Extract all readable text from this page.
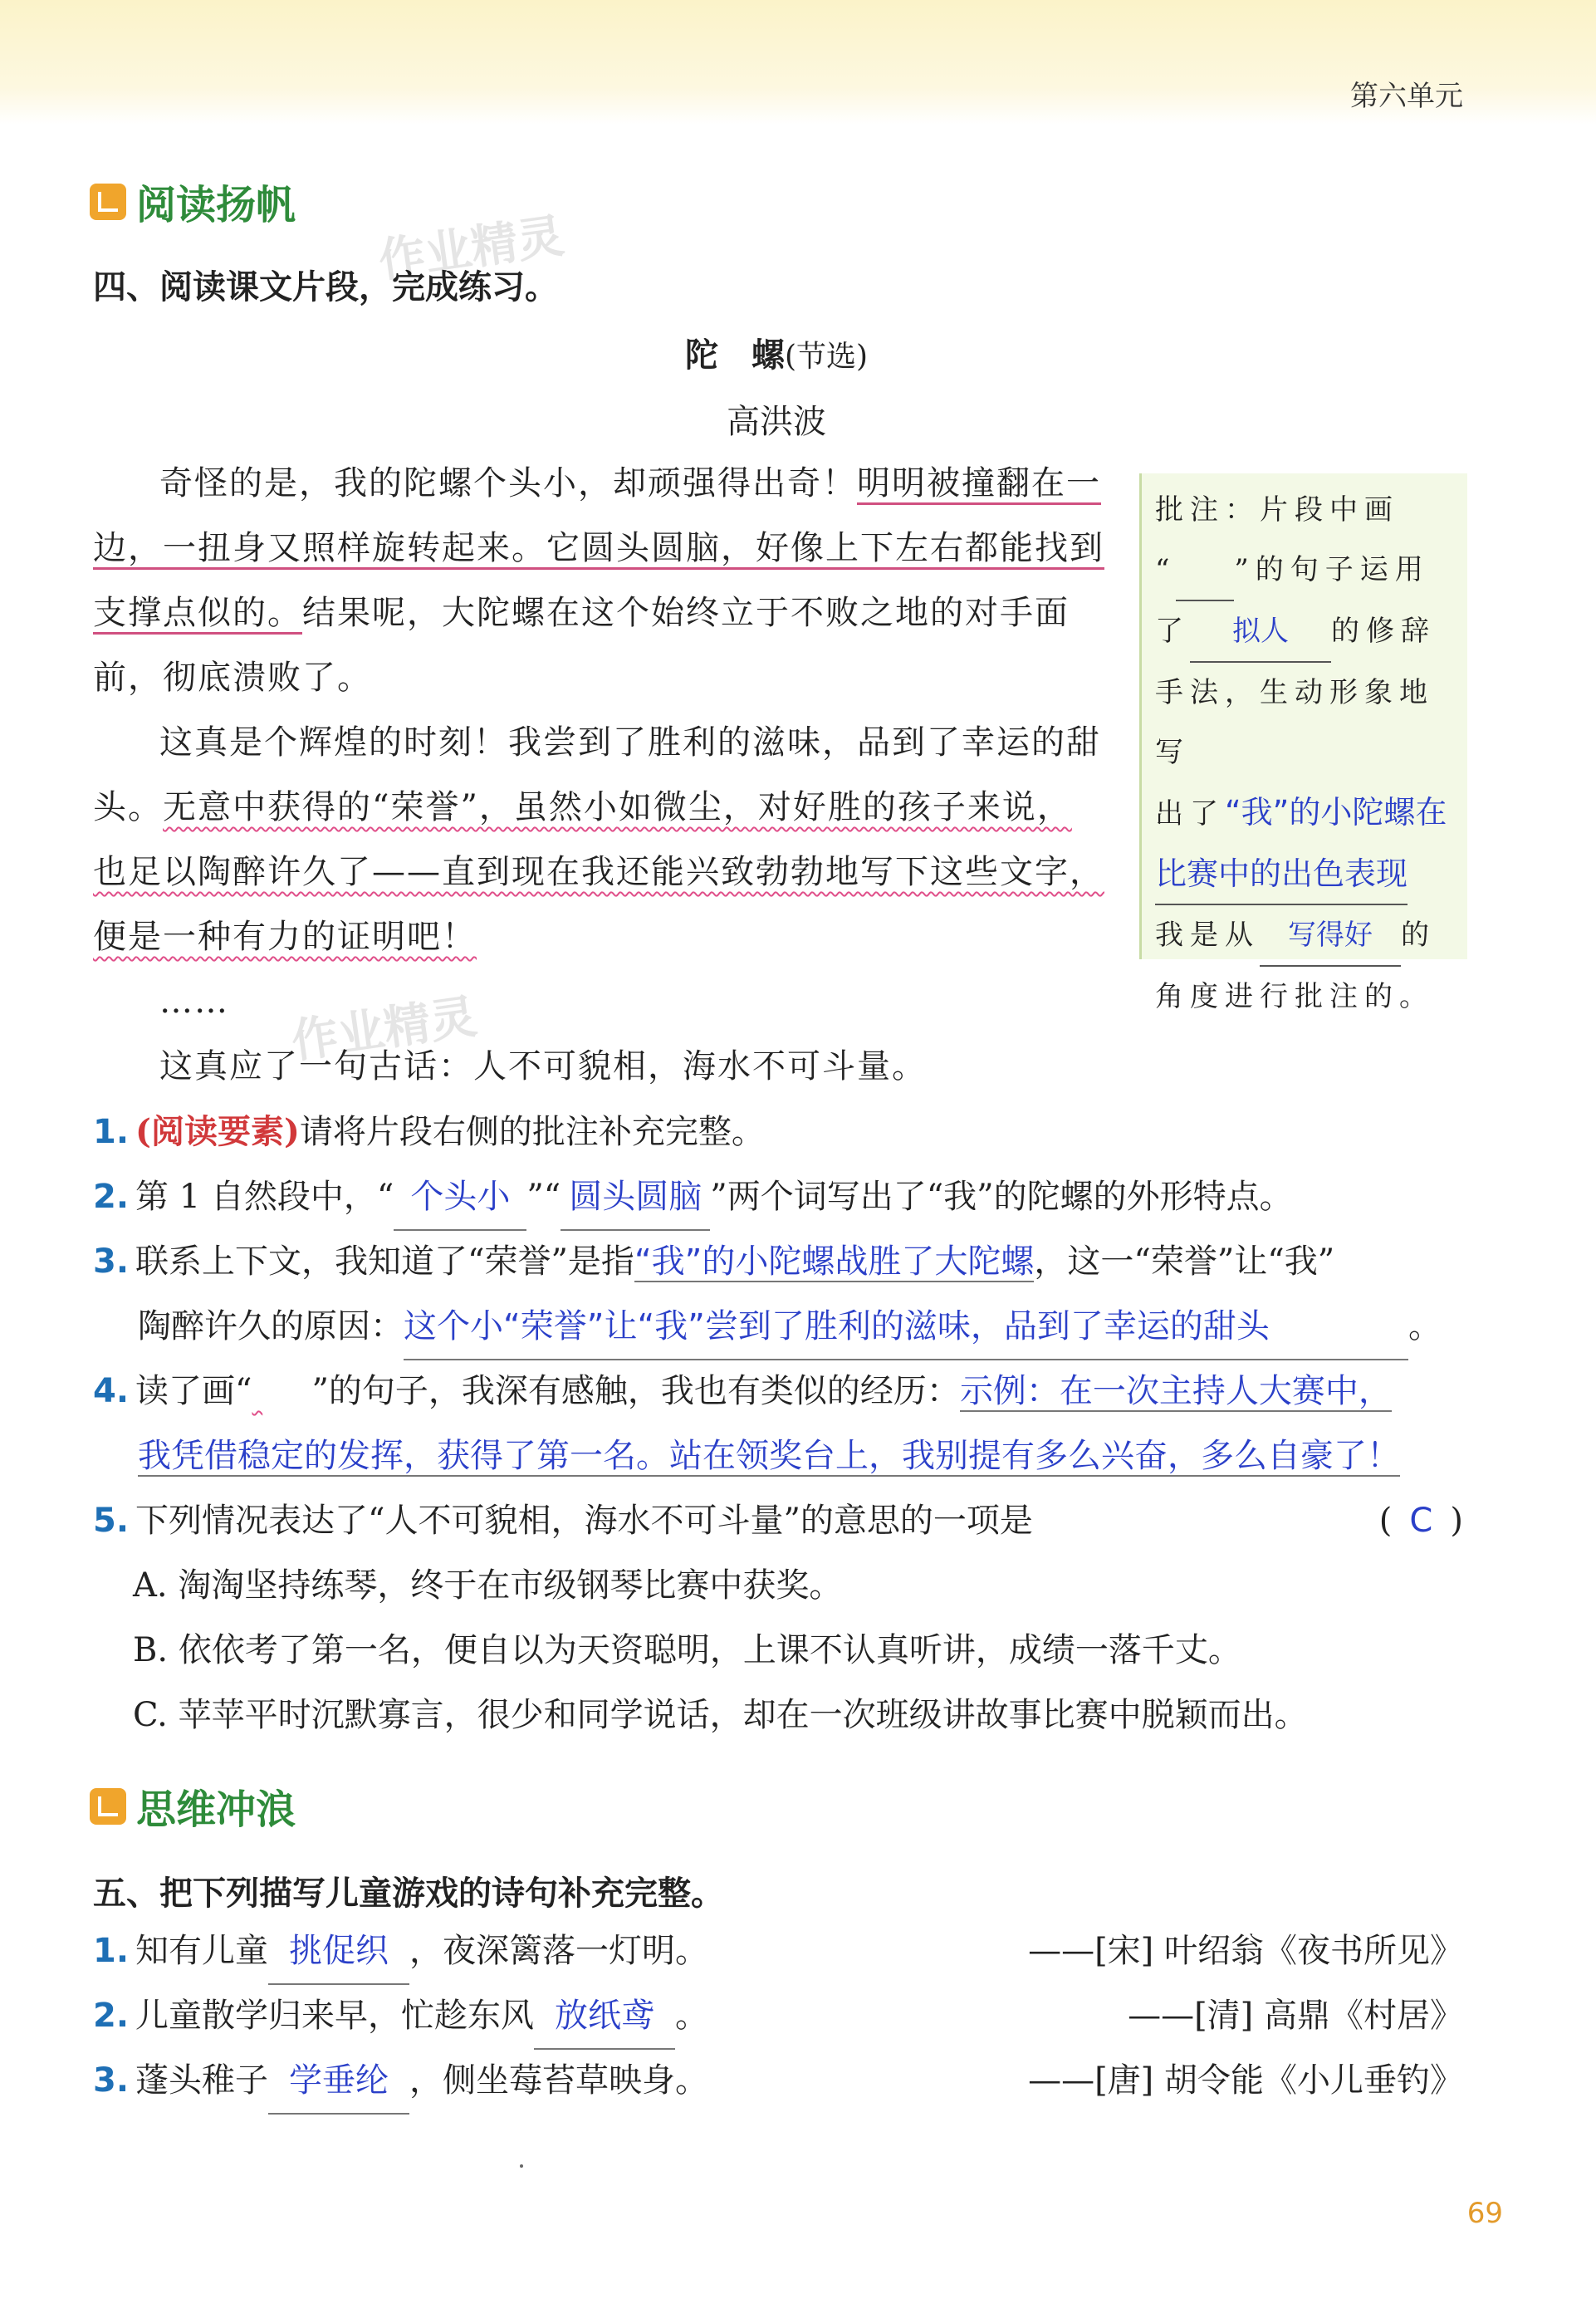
第六单元
作业精灵
作业精灵
阅读扬帆
四、阅读课文片段，完成练习。
陀　螺(节选)
高洪波

奇怪的是，我的陀螺个头小，却顽强得出奇！明明被撞翻在一边，一扭身又照样旋转起来。它圆头圆脑，好像上下左右都能找到支撑点似的。结果呢，大陀螺在这个始终立于不败之地的对手面前，彻底溃败了。

这真是个辉煌的时刻！我尝到了胜利的滋味，品到了幸运的甜头。无意中获得的“荣誉”，虽然小如微尘，对好胜的孩子来说，也足以陶醉许久了——直到现在我还能兴致勃勃地写下这些文字，便是一种有力的证明吧！

……

这真应了一句古话：人不可貌相，海水不可斗量。

批注：片段中画
“ ”的句子运用
了 拟人 的修辞
手法，生动形象地写
出了“我”的小陀螺在
比赛中的出色表现
我是从 写得好 的
角度进行批注的。
1. (阅读要素)请将片段右侧的批注补充完整。
2. 第 1 自然段中，“ 个头小 ”“ 圆头圆脑 ”两个词写出了“我”的陀螺的外形特点。
3. 联系上下文，我知道了“荣誉”是指“我”的小陀螺战胜了大陀螺，这一“荣誉”让“我”
陶醉许久的原因：这个小“荣誉”让“我”尝到了胜利的滋味，品到了幸运的甜头	。
4. 读了画“ ”的句子，我深有感触，我也有类似的经历：示例：在一次主持人大赛中，
我凭借稳定的发挥，获得了第一名。站在领奖台上，我别提有多么兴奋，多么自豪了！
5. 下列情况表达了“人不可貌相，海水不可斗量”的意思的一项是	( C )
A. 淘淘坚持练琴，终于在市级钢琴比赛中获奖。
B. 依依考了第一名，便自以为天资聪明，上课不认真听讲，成绩一落千丈。
C. 苹苹平时沉默寡言，很少和同学说话，却在一次班级讲故事比赛中脱颖而出。
思维冲浪
五、把下列描写儿童游戏的诗句补充完整。
1. 知有儿童 挑促织 ，夜深篱落一灯明。	——[宋] 叶绍翁《夜书所见》
2. 儿童散学归来早，忙趁东风 放纸鸢 。	——[清] 高鼎《村居》
3. 蓬头稚子 学垂纶 ，侧坐莓苔草映身。	——[唐] 胡令能《小儿垂钓》
69
